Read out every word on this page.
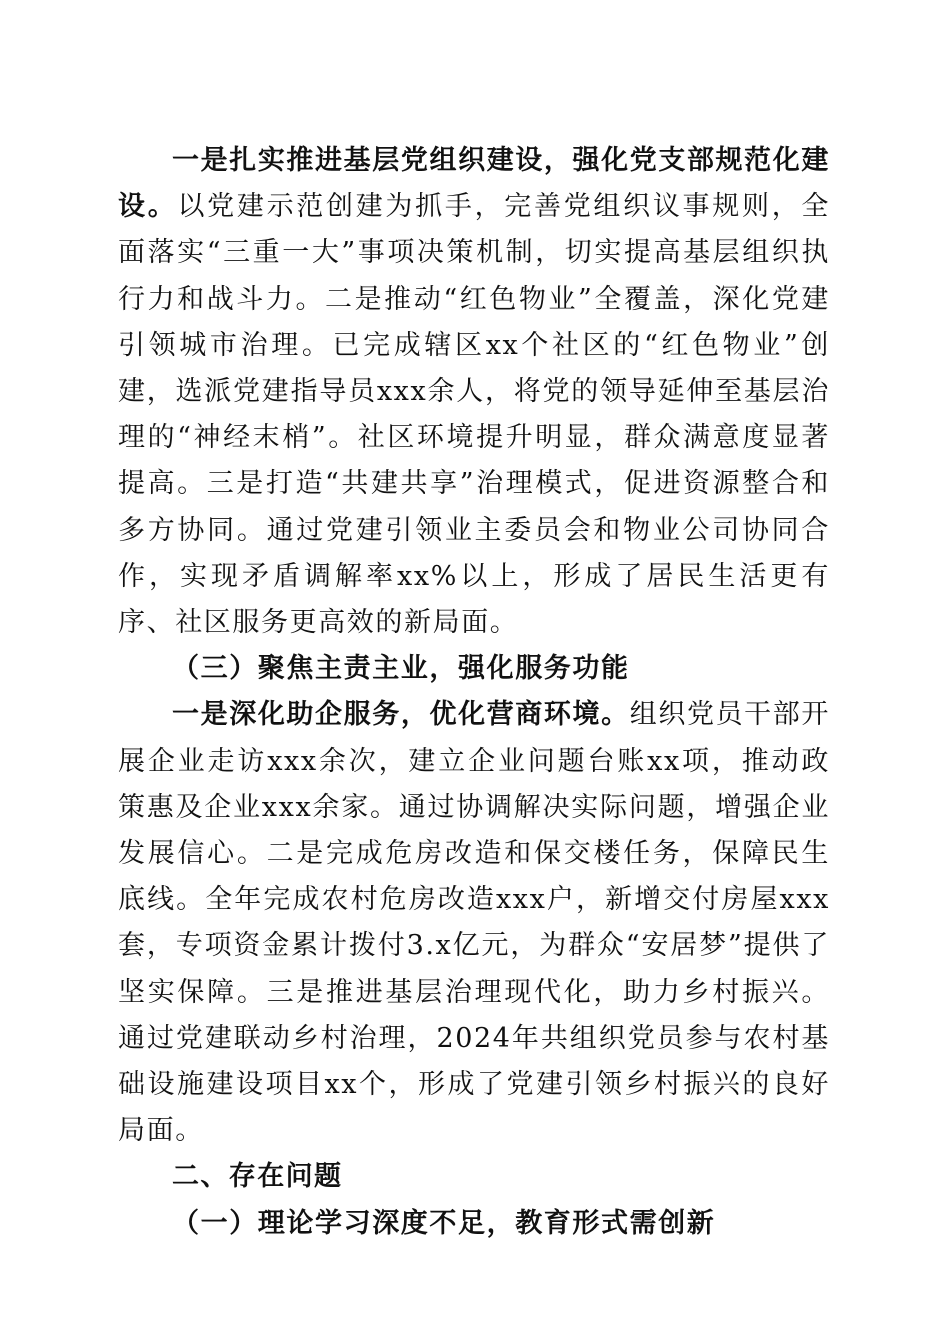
一是扎实推进基层党组织建设，强化党支部规范化建设。以党建示范创建为抓手，完善党组织议事规则，全面落实“三重一大”事项决策机制，切实提高基层组织执行力和战斗力。二是推动“红色物业”全覆盖，深化党建引领城市治理。已完成辖区xx个社区的“红色物业”创建，选派党建指导员xxx余人，将党的领导延伸至基层治理的“神经末梢”。社区环境提升明显，群众满意度显著提高。三是打造“共建共享”治理模式，促进资源整合和多方协同。通过党建引领业主委员会和物业公司协同合作，实现矛盾调解率xx%以上，形成了居民生活更有序、社区服务更高效的新局面。

（三）聚焦主责主业，强化服务功能

一是深化助企服务，优化营商环境。组织党员干部开展企业走访xxx余次，建立企业问题台账xx项，推动政策惠及企业xxx余家。通过协调解决实际问题，增强企业发展信心。二是完成危房改造和保交楼任务，保障民生底线。全年完成农村危房改造xxx户，新增交付房屋xxx套，专项资金累计拨付3.x亿元，为群众“安居梦”提供了坚实保障。三是推进基层治理现代化，助力乡村振兴。通过党建联动乡村治理，2024年共组织党员参与农村基础设施建设项目xx个，形成了党建引领乡村振兴的良好局面。

二、存在问题

（一）理论学习深度不足，教育形式需创新
